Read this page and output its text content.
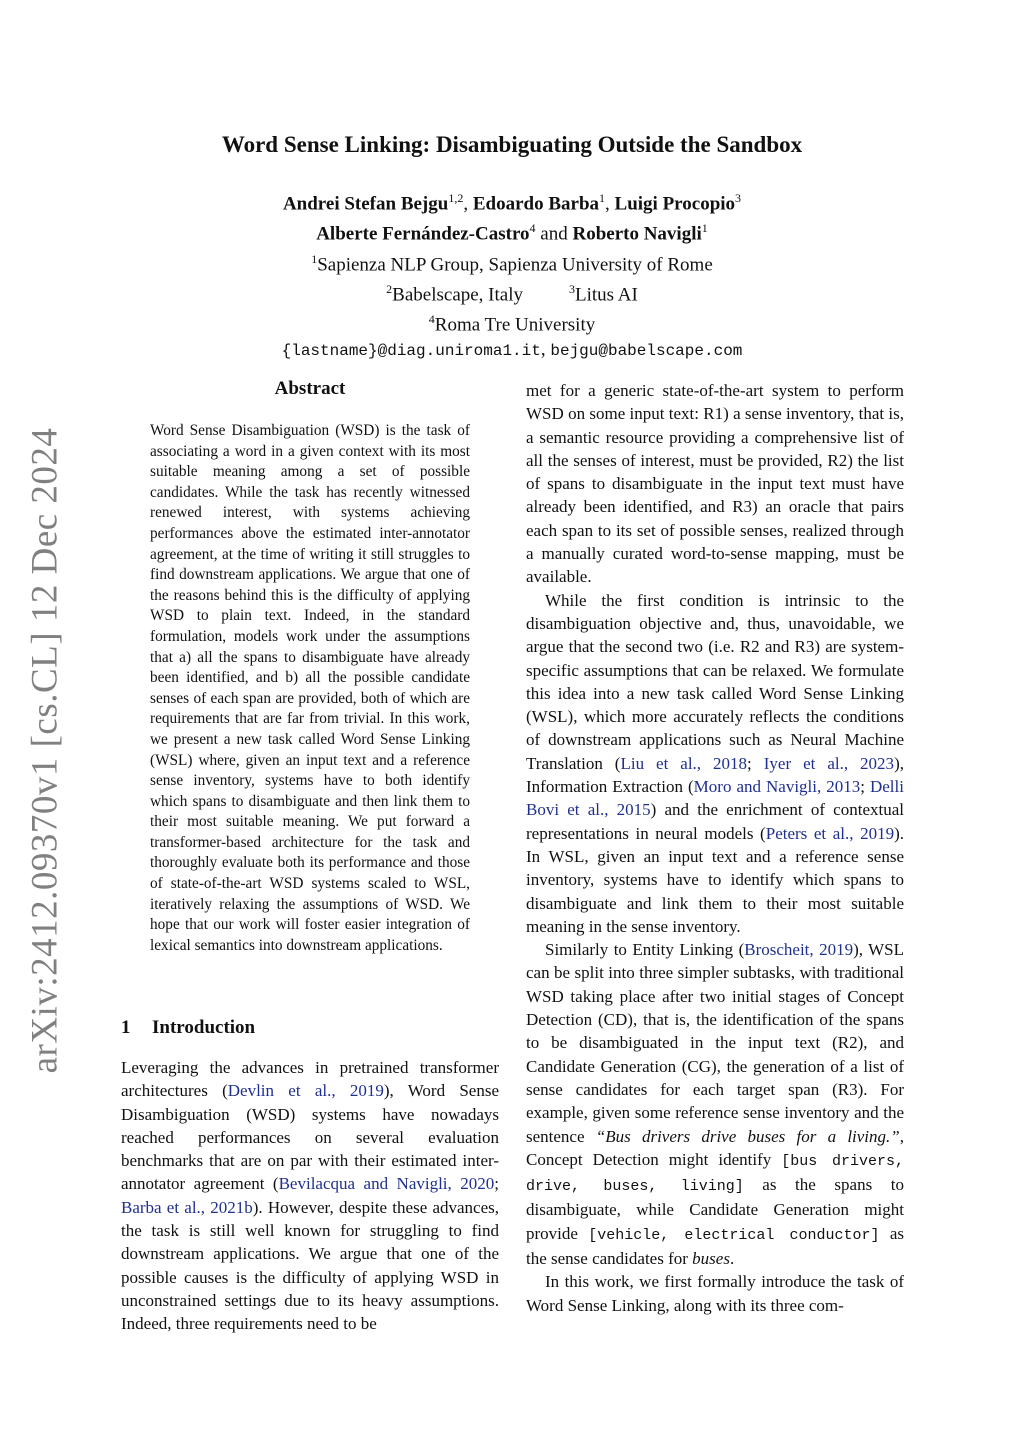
arXiv:2412.09370v1 [cs.CL] 12 Dec 2024
Word Sense Linking: Disambiguating Outside the Sandbox
Andrei Stefan Bejgu$^{1,2}$, Edoardo Barba$^1$, Luigi Procopio$^3$
Alberte Fernández-Castro$^4$ and Roberto Navigli$^1$
$^1$Sapienza NLP Group, Sapienza University of Rome
$^2$Babelscape, Italy	$^3$Litus AI
$^4$Roma Tre University
{lastname}@diag.uniroma1.it, bejgu@babelscape.com
Abstract
Word Sense Disambiguation (WSD) is the task of associating a word in a given context with its most suitable meaning among a set of possible candidates. While the task has recently witnessed renewed interest, with systems achieving performances above the estimated inter-annotator agreement, at the time of writing it still struggles to find downstream applications. We argue that one of the reasons behind this is the difficulty of applying WSD to plain text. Indeed, in the standard formulation, models work under the assumptions that a) all the spans to disambiguate have already been identified, and b) all the possible candidate senses of each span are provided, both of which are requirements that are far from trivial. In this work, we present a new task called Word Sense Linking (WSL) where, given an input text and a reference sense inventory, systems have to both identify which spans to disambiguate and then link them to their most suitable meaning. We put forward a transformer-based architecture for the task and thoroughly evaluate both its performance and those of state-of-the-art WSD systems scaled to WSL, iteratively relaxing the assumptions of WSD. We hope that our work will foster easier integration of lexical semantics into downstream applications.
1 Introduction

Leveraging the advances in pretrained transformer architectures (Devlin et al., 2019), Word Sense Disambiguation (WSD) systems have nowadays reached performances on several evaluation benchmarks that are on par with their estimated inter-annotator agreement (Bevilacqua and Navigli, 2020; Barba et al., 2021b). However, despite these advances, the task is still well known for struggling to find downstream applications. We argue that one of the possible causes is the difficulty of applying WSD in unconstrained settings due to its heavy assumptions. Indeed, three requirements need to be

met for a generic state-of-the-art system to perform WSD on some input text: R1) a sense inventory, that is, a semantic resource providing a comprehensive list of all the senses of interest, must be provided, R2) the list of spans to disambiguate in the input text must have already been identified, and R3) an oracle that pairs each span to its set of possible senses, realized through a manually curated word-to-sense mapping, must be available.

While the first condition is intrinsic to the disambiguation objective and, thus, unavoidable, we argue that the second two (i.e. R2 and R3) are system-specific assumptions that can be relaxed. We formulate this idea into a new task called Word Sense Linking (WSL), which more accurately reflects the conditions of downstream applications such as Neural Machine Translation (Liu et al., 2018; Iyer et al., 2023), Information Extraction (Moro and Navigli, 2013; Delli Bovi et al., 2015) and the enrichment of contextual representations in neural models (Peters et al., 2019). In WSL, given an input text and a reference sense inventory, systems have to identify which spans to disambiguate and link them to their most suitable meaning in the sense inventory.

Similarly to Entity Linking (Broscheit, 2019), WSL can be split into three simpler subtasks, with traditional WSD taking place after two initial stages of Concept Detection (CD), that is, the identification of the spans to be disambiguated in the input text (R2), and Candidate Generation (CG), the generation of a list of sense candidates for each target span (R3). For example, given some reference sense inventory and the sentence “Bus drivers drive buses for a living.”, Concept Detection might identify [bus drivers, drive, buses, living] as the spans to disambiguate, while Candidate Generation might provide [vehicle, electrical conductor] as the sense candidates for buses.

In this work, we first formally introduce the task of Word Sense Linking, along with its three com-
